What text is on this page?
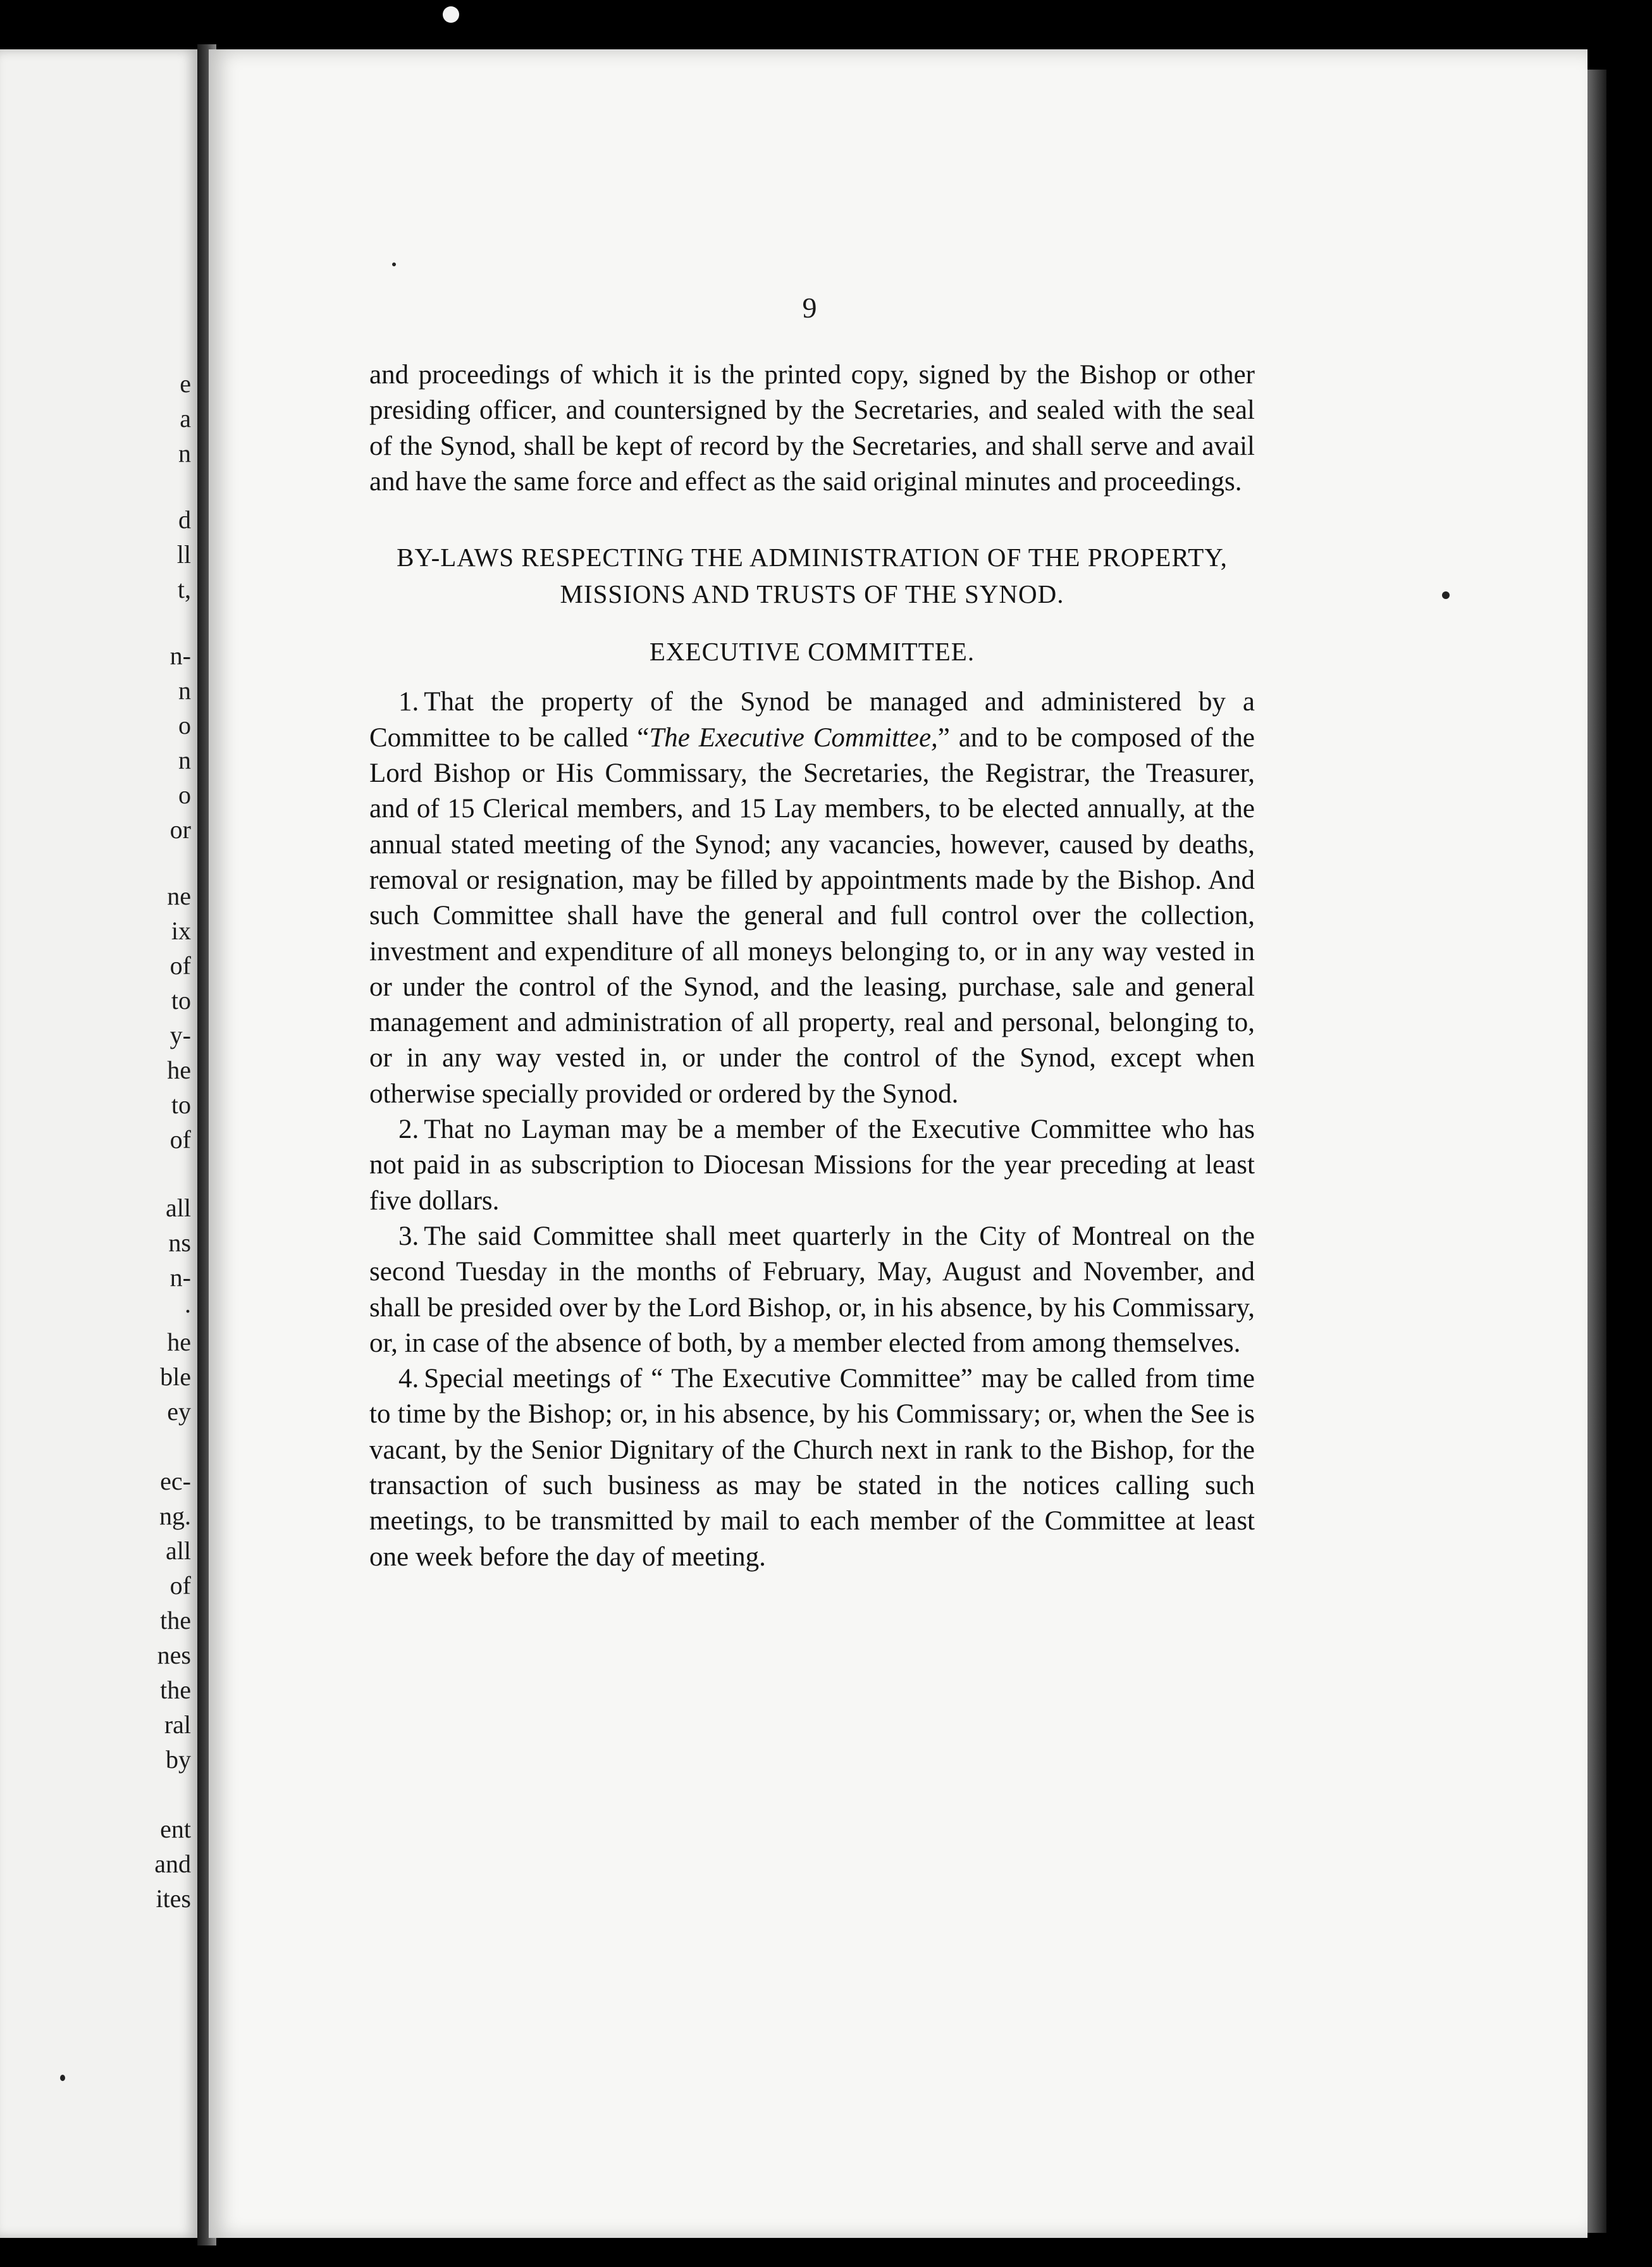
e
a
n
d
ll
t,
n-
n
o
n
o
or
ne
ix
of
to
y-
he
to
of
all
ns
n-
.
he
ble
ey
ec-
ng.
all
of
the
nes
the
ral
by
ent
and
ites
9

and proceedings of which it is the printed copy, signed by the Bishop or other presiding officer, and countersigned by the Secretaries, and sealed with the seal of the Synod, shall be kept of record by the Secretaries, and shall serve and avail and have the same force and effect as the said original minutes and proceedings.

BY-LAWS RESPECTING THE ADMINISTRATION OF THE PROPERTY, MISSIONS AND TRUSTS OF THE SYNOD.

EXECUTIVE COMMITTEE.

1. That the property of the Synod be managed and administered by a Committee to be called “The Executive Committee,” and to be composed of the Lord Bishop or His Commissary, the Secretaries, the Registrar, the Treasurer, and of 15 Clerical members, and 15 Lay members, to be elected annually, at the annual stated meeting of the Synod; any vacancies, however, caused by deaths, removal or resignation, may be filled by appointments made by the Bishop. And such Committee shall have the general and full control over the collection, investment and expenditure of all moneys belonging to, or in any way vested in or under the control of the Synod, and the leasing, purchase, sale and general management and administration of all property, real and personal, belonging to, or in any way vested in, or under the control of the Synod, except when otherwise specially provided or ordered by the Synod.

2. That no Layman may be a member of the Executive Committee who has not paid in as subscription to Diocesan Missions for the year preceding at least five dollars.

3. The said Committee shall meet quarterly in the City of Montreal on the second Tuesday in the months of February, May, August and November, and shall be presided over by the Lord Bishop, or, in his absence, by his Commissary, or, in case of the absence of both, by a member elected from among themselves.

4. Special meetings of “ The Executive Committee” may be called from time to time by the Bishop; or, in his absence, by his Commissary; or, when the See is vacant, by the Senior Dignitary of the Church next in rank to the Bishop, for the transaction of such business as may be stated in the notices calling such meetings, to be transmitted by mail to each member of the Committee at least one week before the day of meeting.
